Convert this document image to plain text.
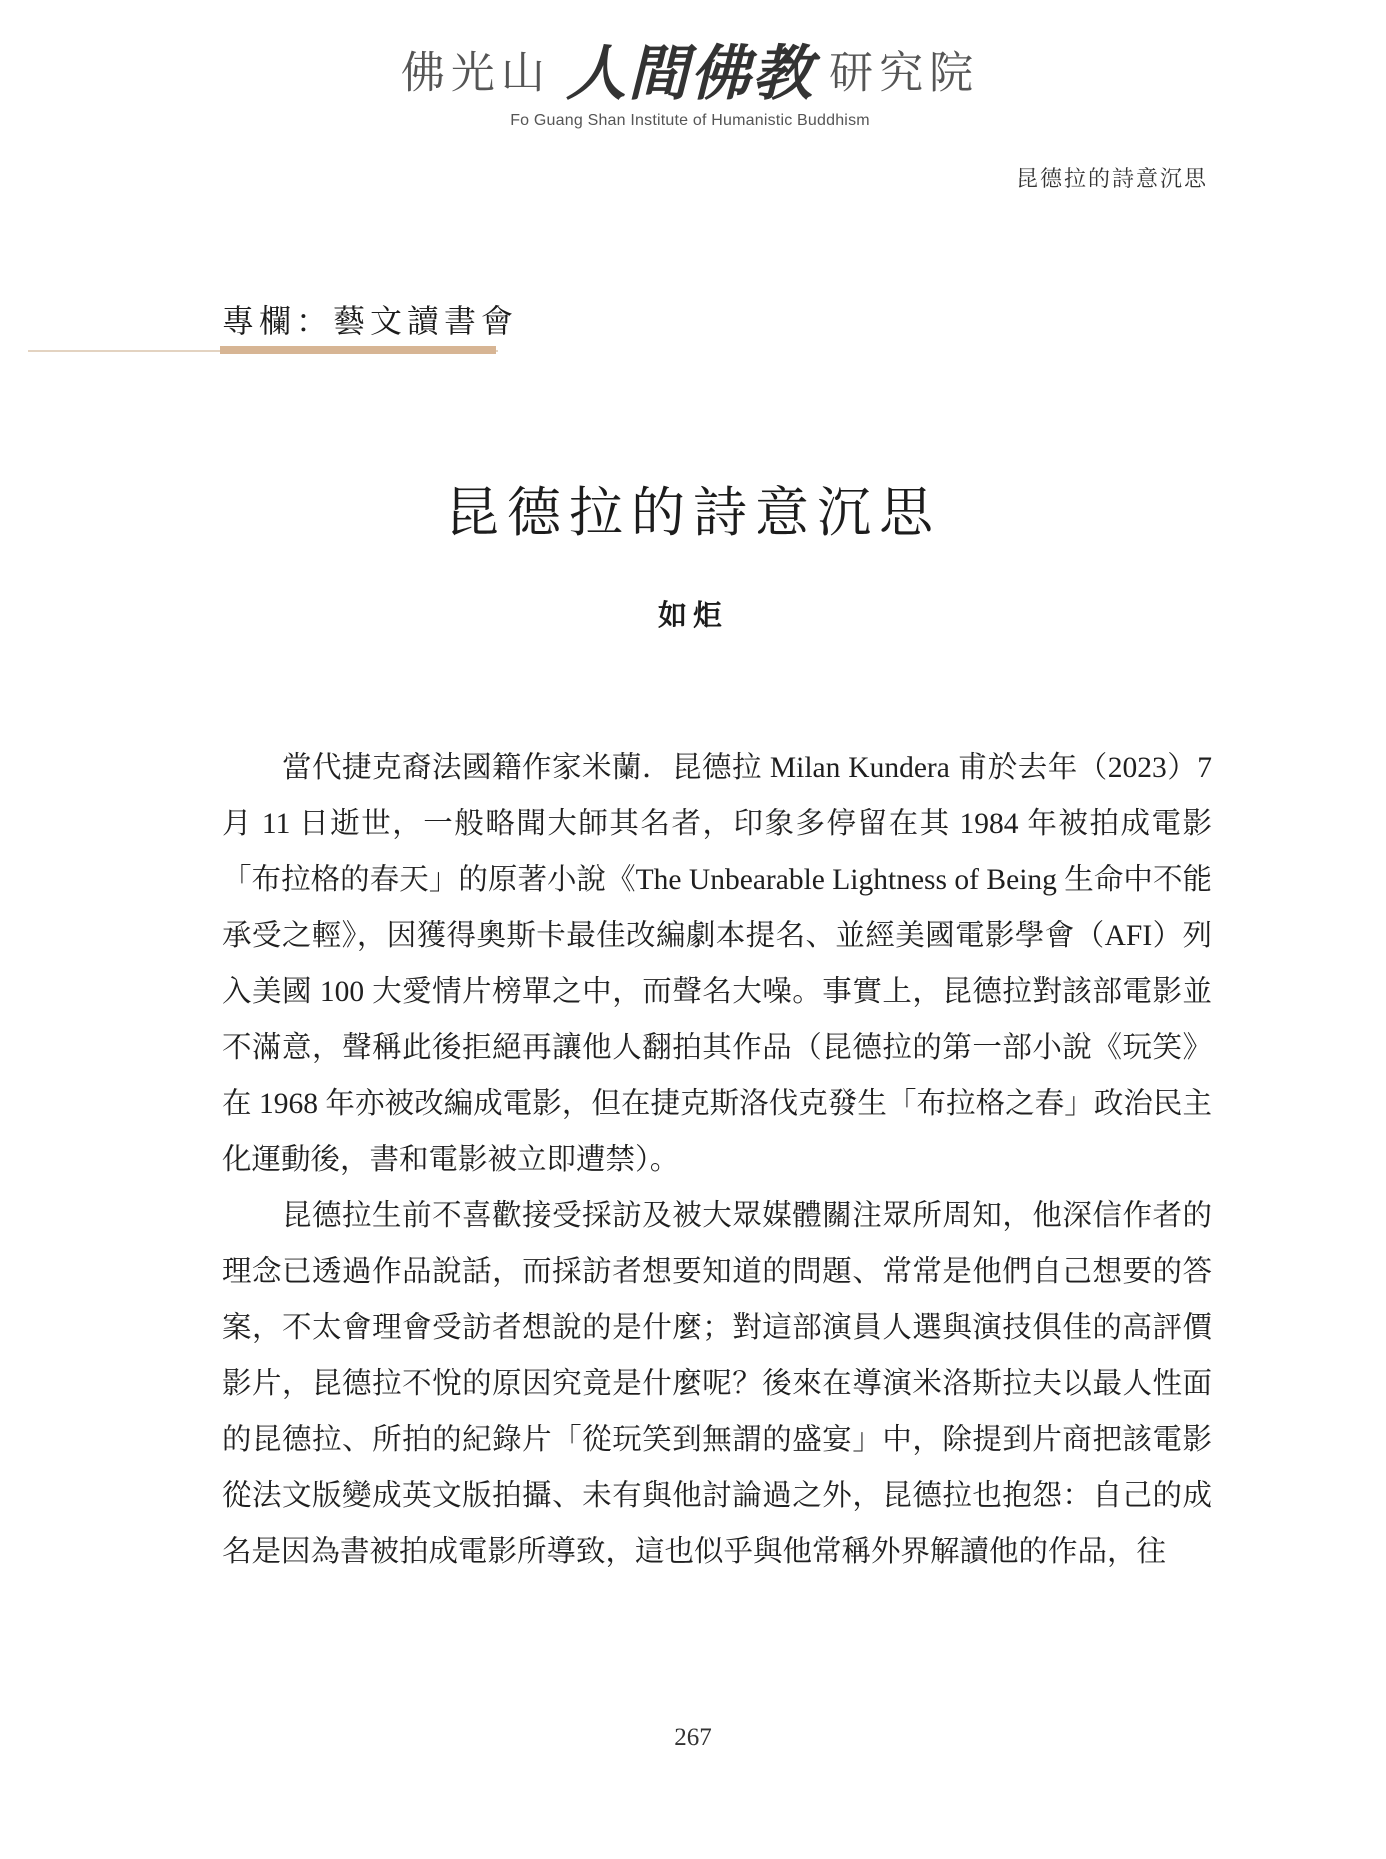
佛光山 人間佛教 研究院
Fo Guang Shan Institute of Humanistic Buddhism
昆德拉的詩意沉思
專欄：藝文讀書會
昆德拉的詩意沉思
如炬

當代捷克裔法國籍作家米蘭．昆德拉 Milan Kundera 甫於去年（2023）7 月 11 日逝世，一般略聞大師其名者，印象多停留在其 1984 年被拍成電影「布拉格的春天」的原著小說《The Unbearable Lightness of Being 生命中不能承受之輕》，因獲得奧斯卡最佳改編劇本提名、並經美國電影學會（AFI）列入美國 100 大愛情片榜單之中，而聲名大噪。事實上，昆德拉對該部電影並不滿意，聲稱此後拒絕再讓他人翻拍其作品（昆德拉的第一部小說《玩笑》在 1968 年亦被改編成電影，但在捷克斯洛伐克發生「布拉格之春」政治民主化運動後，書和電影被立即遭禁）。

昆德拉生前不喜歡接受採訪及被大眾媒體關注眾所周知，他深信作者的理念已透過作品說話，而採訪者想要知道的問題、常常是他們自己想要的答案，不太會理會受訪者想說的是什麼；對這部演員人選與演技俱佳的高評價影片，昆德拉不悅的原因究竟是什麼呢？後來在導演米洛斯拉夫以最人性面的昆德拉、所拍的紀錄片「從玩笑到無謂的盛宴」中，除提到片商把該電影從法文版變成英文版拍攝、未有與他討論過之外，昆德拉也抱怨：自己的成名是因為書被拍成電影所導致，這也似乎與他常稱外界解讀他的作品，往

267
